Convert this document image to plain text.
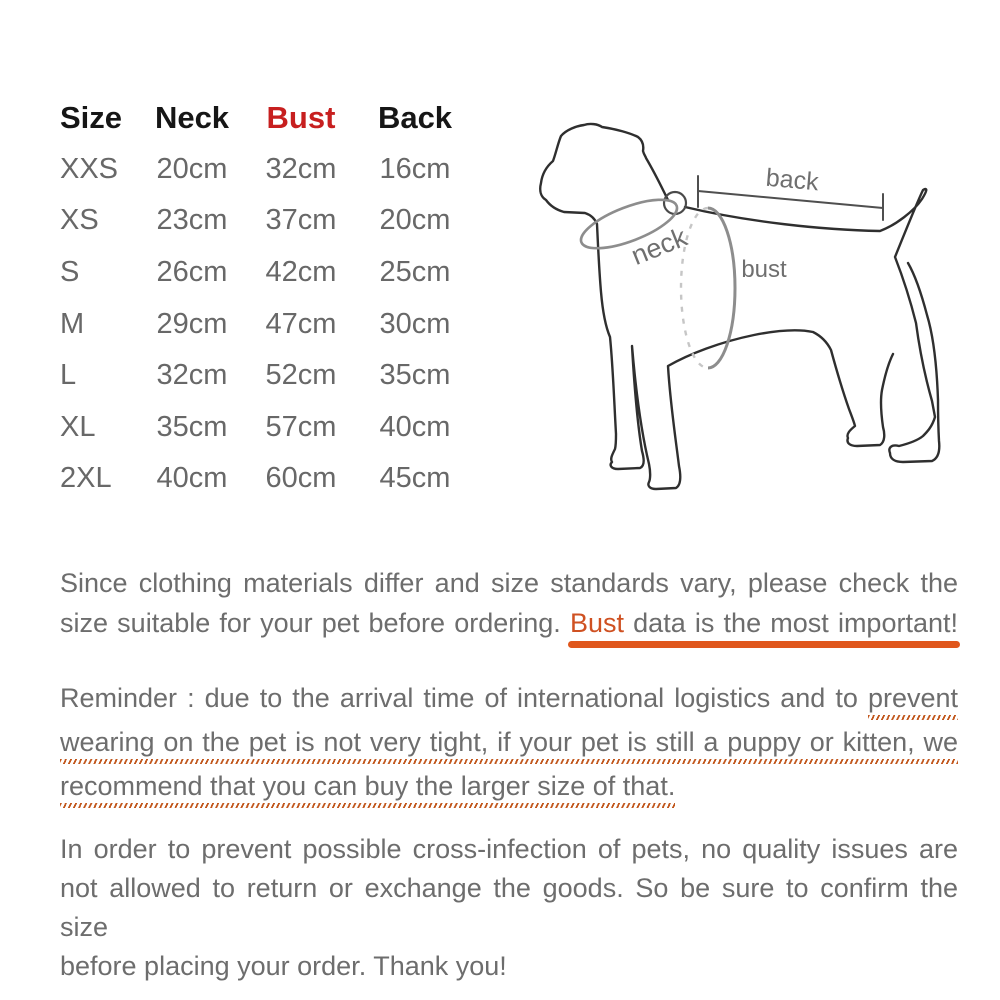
Size	Neck	Bust	Back
XXS	20cm	32cm	16cm
XS	23cm	37cm	20cm
S	26cm	42cm	25cm
M	29cm	47cm	30cm
L	32cm	52cm	35cm
XL	35cm	57cm	40cm
2XL	40cm	60cm	45cm
back
neck bust
Since clothing materials differ and size standards vary, please check the
size suitable for your pet before ordering. Bust data is the most important!
Reminder : due to the arrival time of international logistics and to prevent
wearing on the pet is not very tight, if your pet is still a puppy or kitten, we
recommend that you can buy the larger size of that.
In order to prevent possible cross-infection of pets, no quality issues are
not allowed to return or exchange the goods. So be sure to confirm the size
before placing your order. Thank you!
